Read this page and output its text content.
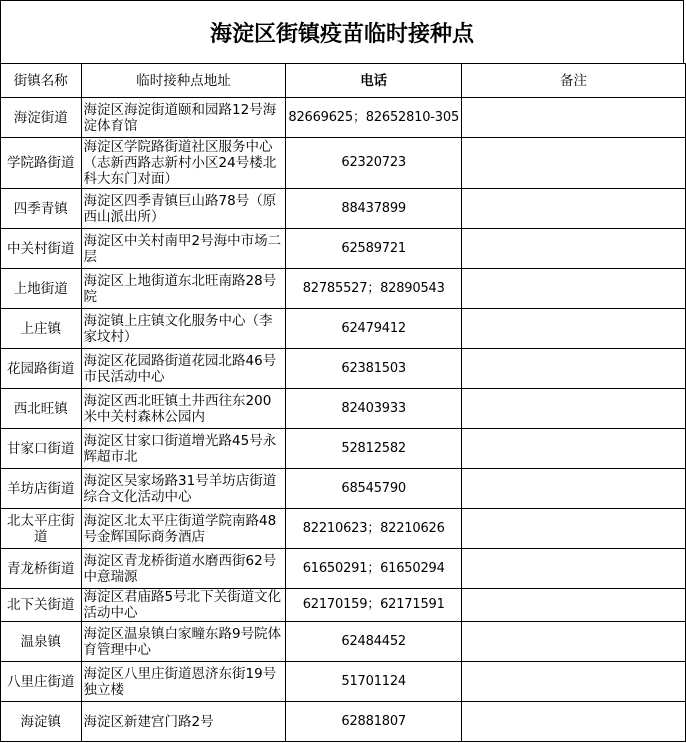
海淀区街镇疫苗临时接种点
街镇名称	临时接种点地址	电话	备注
海淀街道	海淀区海淀街道颐和园路12号海淀体育馆	82669625；82652810-305	
学院路街道	海淀区学院路街道社区服务中心（志新西路志新村小区24号楼北科大东门对面）	62320723	
四季青镇	海淀区四季青镇巨山路78号（原西山派出所）	88437899	
中关村街道	海淀区中关村南甲2号海中市场二层	62589721	
上地街道	海淀区上地街道东北旺南路28号院	82785527；82890543	
上庄镇	海淀镇上庄镇文化服务中心（李家坟村）	62479412	
花园路街道	海淀区花园路街道花园北路46号市民活动中心	62381503	
西北旺镇	海淀区西北旺镇土井西往东200米中关村森林公园内	82403933	
甘家口街道	海淀区甘家口街道增光路45号永辉超市北	52812582	
羊坊店街道	海淀区吴家场路31号羊坊店街道综合文化活动中心	68545790	
北太平庄街道	海淀区北太平庄街道学院南路48号金辉国际商务酒店	82210623；82210626	
青龙桥街道	海淀区青龙桥街道水磨西街62号中意瑞源	61650291；61650294	
北下关街道	海淀区君庙路5号北下关街道文化活动中心	62170159；62171591	
温泉镇	海淀区温泉镇白家疃东路9号院体育管理中心	62484452	
八里庄街道	海淀区八里庄街道恩济东街19号独立楼	51701124	
海淀镇	海淀区新建宫门路2号	62881807	
